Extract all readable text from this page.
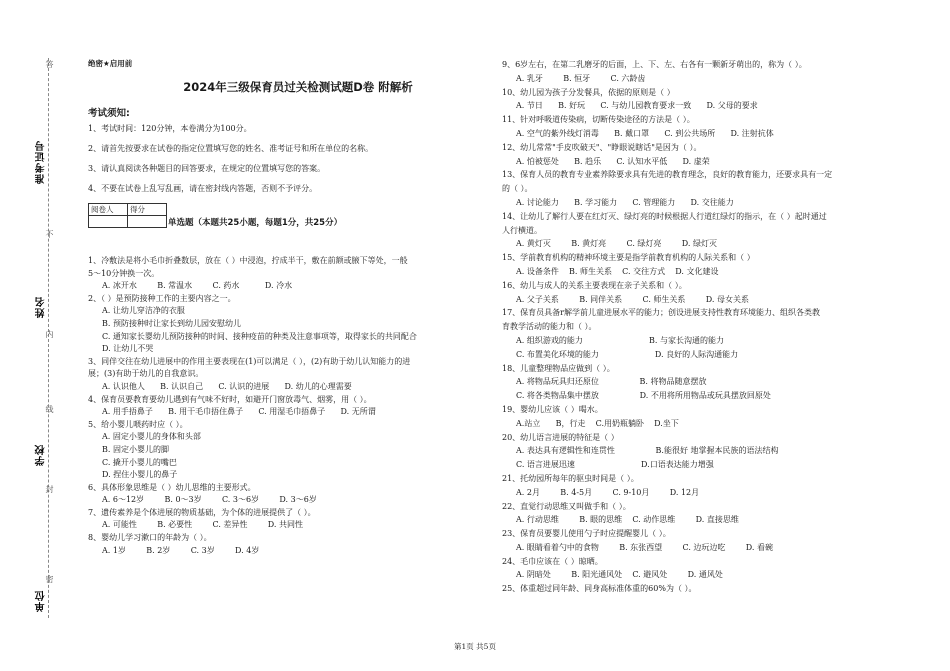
答
不
内
线
封
密
准考证号
姓名
学校
单位
绝密★启用前
2024年三级保育员过关检测试题D卷 附解析
考试须知:
1、考试时间：120分钟，本卷满分为100分。
2、请首先按要求在试卷的指定位置填写您的姓名、准考证号和所在单位的名称。
3、请认真阅读各种题目的回答要求，在规定的位置填写您的答案。
4、不要在试卷上乱写乱画，请在密封线内答题，否则不予评分。
阅卷人	得分

单选题（本题共25小题，每题1分，共25分）
1、冷敷法是将小毛巾折叠数层，放在（ ）中浸泡，拧成半干，敷在前额或腋下等处，一般
5～10分钟换一次。
A. 冰开水        B. 常温水        C. 药水          D. 冷水
2、（ ）是预防接种工作的主要内容之一。
A. 让幼儿穿洁净的衣服
B. 预防接种时让家长到幼儿园安慰幼儿
C. 通知家长婴幼儿预防接种的时间、接种疫苗的种类及注意事项等，取得家长的共同配合
D. 让幼儿不哭
3、同伴交往在幼儿进展中的作用主要表现在(1)可以满足（ ），(2)有助于幼儿认知能力的进
展；(3)有助于幼儿的自我意识。
A. 认识他人      B. 认识自己      C. 认识的进展      D. 幼儿的心理需要
4、保育员要教育要幼儿遇到有气味不好时，如避开门窗放毒气、烟雾，用（ ）。
A. 用手捂鼻子      B. 用干毛巾捂住鼻子      C. 用湿毛巾捂鼻子      D. 无所谓
5、给小婴儿喂药时应（ ）。
A. 固定小婴儿的身体和头部
B. 固定小婴儿的脚
C. 撬开小婴儿的嘴巴
D. 捏住小婴儿的鼻子
6、具体形象思维是（ ）幼儿思维的主要形式。
A. 6～12岁        B. 0～3岁        C. 3～6岁        D. 3～6岁
7、遗传素养是个体进展的物质基础，为个体的进展提供了（ ）。
A. 可能性        B. 必要性        C. 差异性        D. 共同性
8、婴幼儿学习漱口的年龄为（ ）。
A. 1岁        B. 2岁        C. 3岁        D. 4岁
9、6岁左右，在第二乳磨牙的后面，上、下、左、右各有一颗新牙萌出的，称为（ ）。
A. 乳牙        B. 恒牙        C. 六龄齿
10、幼儿园为孩子分发餐具，依据的原则是（ ）
A. 节日      B. 好玩      C. 与幼儿园教育要求一致      D. 父母的要求
11、针对呼吸道传染病，切断传染途径的方法是（ ）。
A. 空气的紫外线灯消毒      B. 戴口罩      C. 到公共场所      D. 注射抗体
12、幼儿常常"手皮吹破天"、"睁眼说瞎话"是因为（ ）。
A. 怕被惩处      B. 趋乐      C. 认知水平低      D. 虚荣
13、保育人员的教育专业素养除要求具有先进的教育理念，良好的教育能力，还要求具有一定
的（ ）。
A. 讨论能力      B. 学习能力      C. 管理能力      D. 交往能力
14、让幼儿了解行人要在红灯灭、绿灯亮的时候根据人行道红绿灯的指示，在（ ）起时通过
人行横道。
A. 黄灯灭        B. 黄灯亮        C. 绿灯亮        D. 绿灯灭
15、学前教育机构的精神环境主要是指学前教育机构的人际关系和（ ）
A. 设备条件    B. 师生关系    C. 交往方式    D. 文化建设
16、幼儿与成人的关系主要表现在亲子关系和（ ）。
A. 父子关系        B. 同伴关系        C. 师生关系        D. 母女关系
17、保育员具备r解学前儿童进展水平的能力；创设进展支持性教育环境能力、组织各类教
育教学活动的能力和（ ）。
A. 组织游戏的能力                          B. 与家长沟通的能力
C. 布置美化环境的能力                      D. 良好的人际沟通能力
18、儿童整理物品应做到（ ）。
A. 将物品玩具归还原位                B. 将物品随意摆放
C. 将各类物品集中摆放                D. 不用将所用物品或玩具摆放回原处
19、婴幼儿应该（ ）喝水。
A.站立      B，行走    C.用奶瓶躺卧    D.坐下
20、幼儿语言进展的特征是（ ）
A. 表达具有逻辑性和连贯性                B.能很好 地掌握本民族的语法结构
C. 语言进展迅速                          D.口语表达能力增强
21、托幼园所每年的驱虫时间是（ ）。
A. 2月        B. 4-5月        C. 9-10月        D. 12月
22、直觉行动思维又叫做手和（ ）。
A. 行动思维        B. 眼的思维    C. 动作思维        D. 直接思维
23、保育员要婴儿使用勺子时应提醒婴儿（ ）。
A. 眼睛看着勺中的食物        B. 东张西望        C. 边玩边吃        D. 看碗
24、毛巾应该在（ ）晾晒。
A. 阴暗处        B. 阳光通风处    C. 避风处        D. 通风处
25、体重超过同年龄、同身高标准体重的60%为（ ）。
第1页 共5页
